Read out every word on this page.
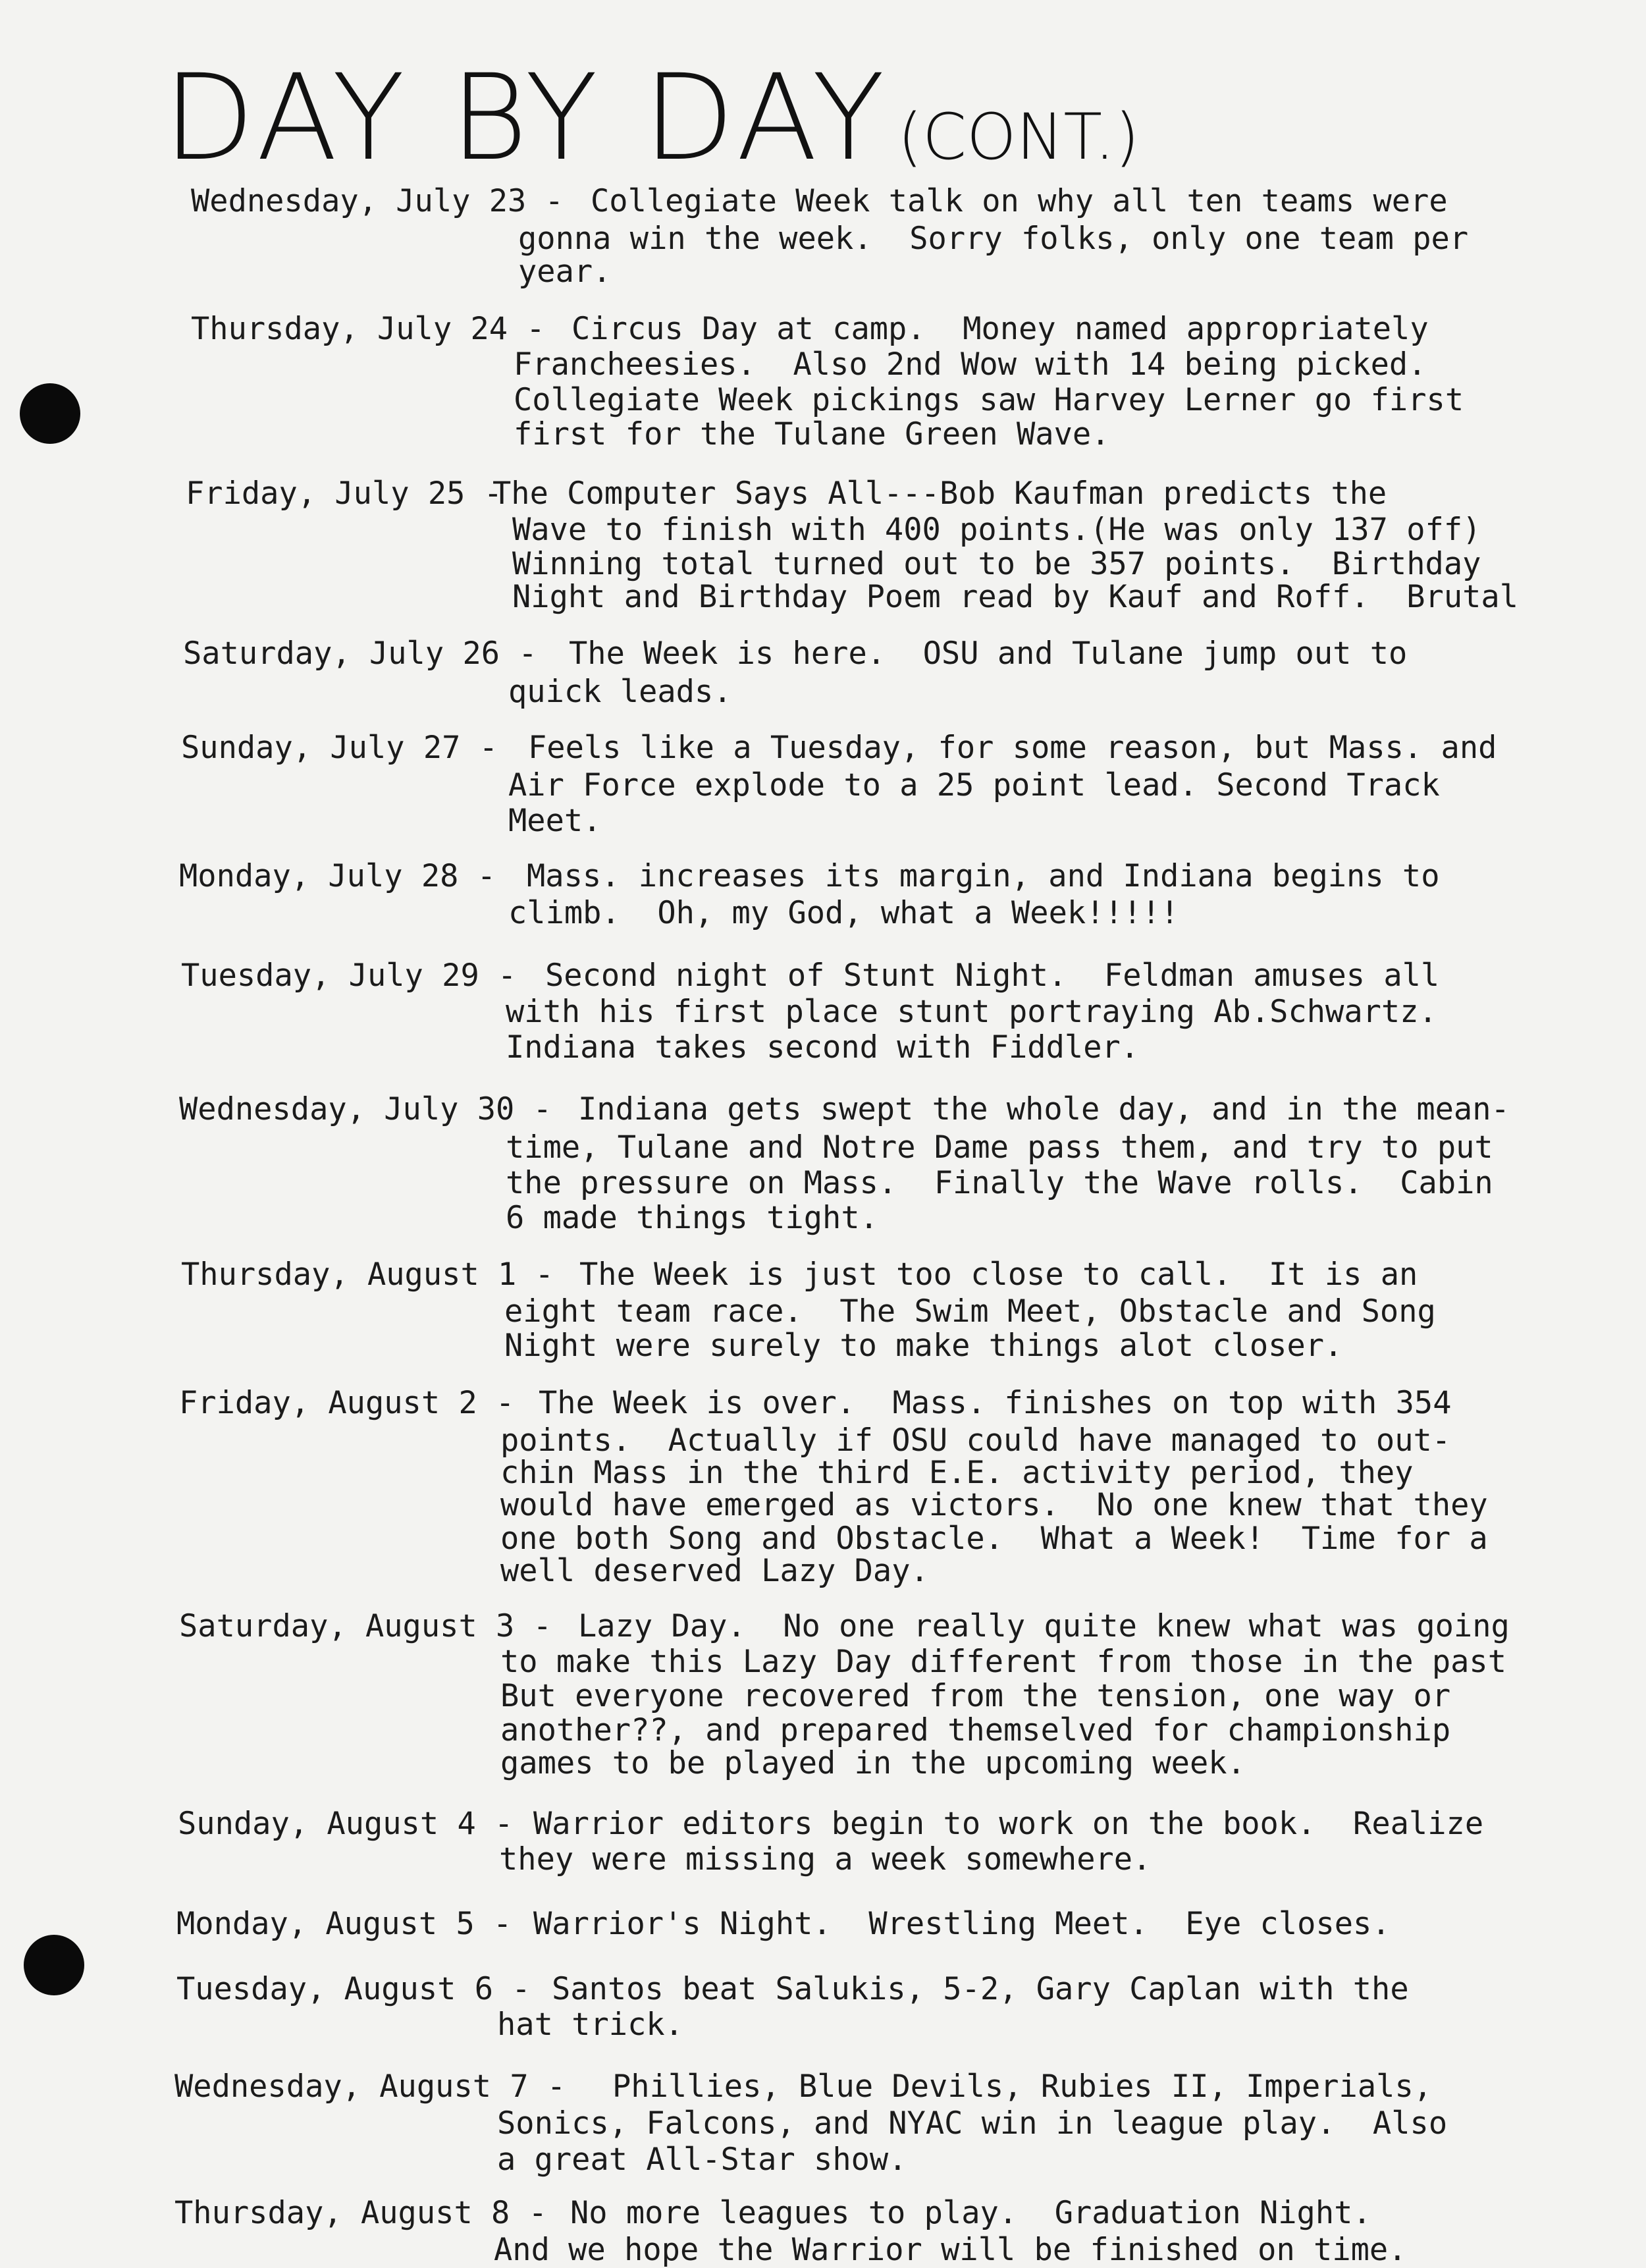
DAY BY DAY (CONT.)
Wednesday, July 23 - Collegiate Week talk on why all ten teams were
gonna win the week.  Sorry folks, only one team per
year.
Thursday, July 24 - Circus Day at camp.  Money named appropriately
Francheesies.  Also 2nd Wow with 14 being picked.
Collegiate Week pickings saw Harvey Lerner go first
first for the Tulane Green Wave.
Friday, July 25 -
The Computer Says All---Bob Kaufman predicts the
Wave to finish with 400 points.(He was only 137 off)
Winning total turned out to be 357 points.  Birthday
Night and Birthday Poem read by Kauf and Roff.  Brutal
Saturday, July 26 - The Week is here.  OSU and Tulane jump out to
quick leads.
Sunday, July 27 - Feels like a Tuesday, for some reason, but Mass. and
Air Force explode to a 25 point lead. Second Track
Meet.
Monday, July 28 - Mass. increases its margin, and Indiana begins to
climb.  Oh, my God, what a Week!!!!!
Tuesday, July 29 - Second night of Stunt Night.  Feldman amuses all
with his first place stunt portraying Ab.Schwartz.
Indiana takes second with Fiddler.
Wednesday, July 30 - Indiana gets swept the whole day, and in the mean-
time, Tulane and Notre Dame pass them, and try to put
the pressure on Mass.  Finally the Wave rolls.  Cabin
6 made things tight.
Thursday, August 1 - The Week is just too close to call.  It is an
eight team race.  The Swim Meet, Obstacle and Song
Night were surely to make things alot closer.
Friday, August 2 - The Week is over.  Mass. finishes on top with 354
points.  Actually if OSU could have managed to out-
chin Mass in the third E.E. activity period, they
would have emerged as victors.  No one knew that they
one both Song and Obstacle.  What a Week!  Time for a
well deserved Lazy Day.
Saturday, August 3 - Lazy Day.  No one really quite knew what was going
to make this Lazy Day different from those in the past
But everyone recovered from the tension, one way or
another??, and prepared themselved for championship
games to be played in the upcoming week.
Sunday, August 4 - Warrior editors begin to work on the book.  Realize
they were missing a week somewhere.
Monday, August 5 - Warrior's Night.  Wrestling Meet.  Eye closes.
Tuesday, August 6 - Santos beat Salukis, 5-2, Gary Caplan with the
hat trick.
Wednesday, August 7 - Phillies, Blue Devils, Rubies II, Imperials,
Sonics, Falcons, and NYAC win in league play.  Also
a great All-Star show.
Thursday, August 8 - No more leagues to play.  Graduation Night.
And we hope the Warrior will be finished on time.
